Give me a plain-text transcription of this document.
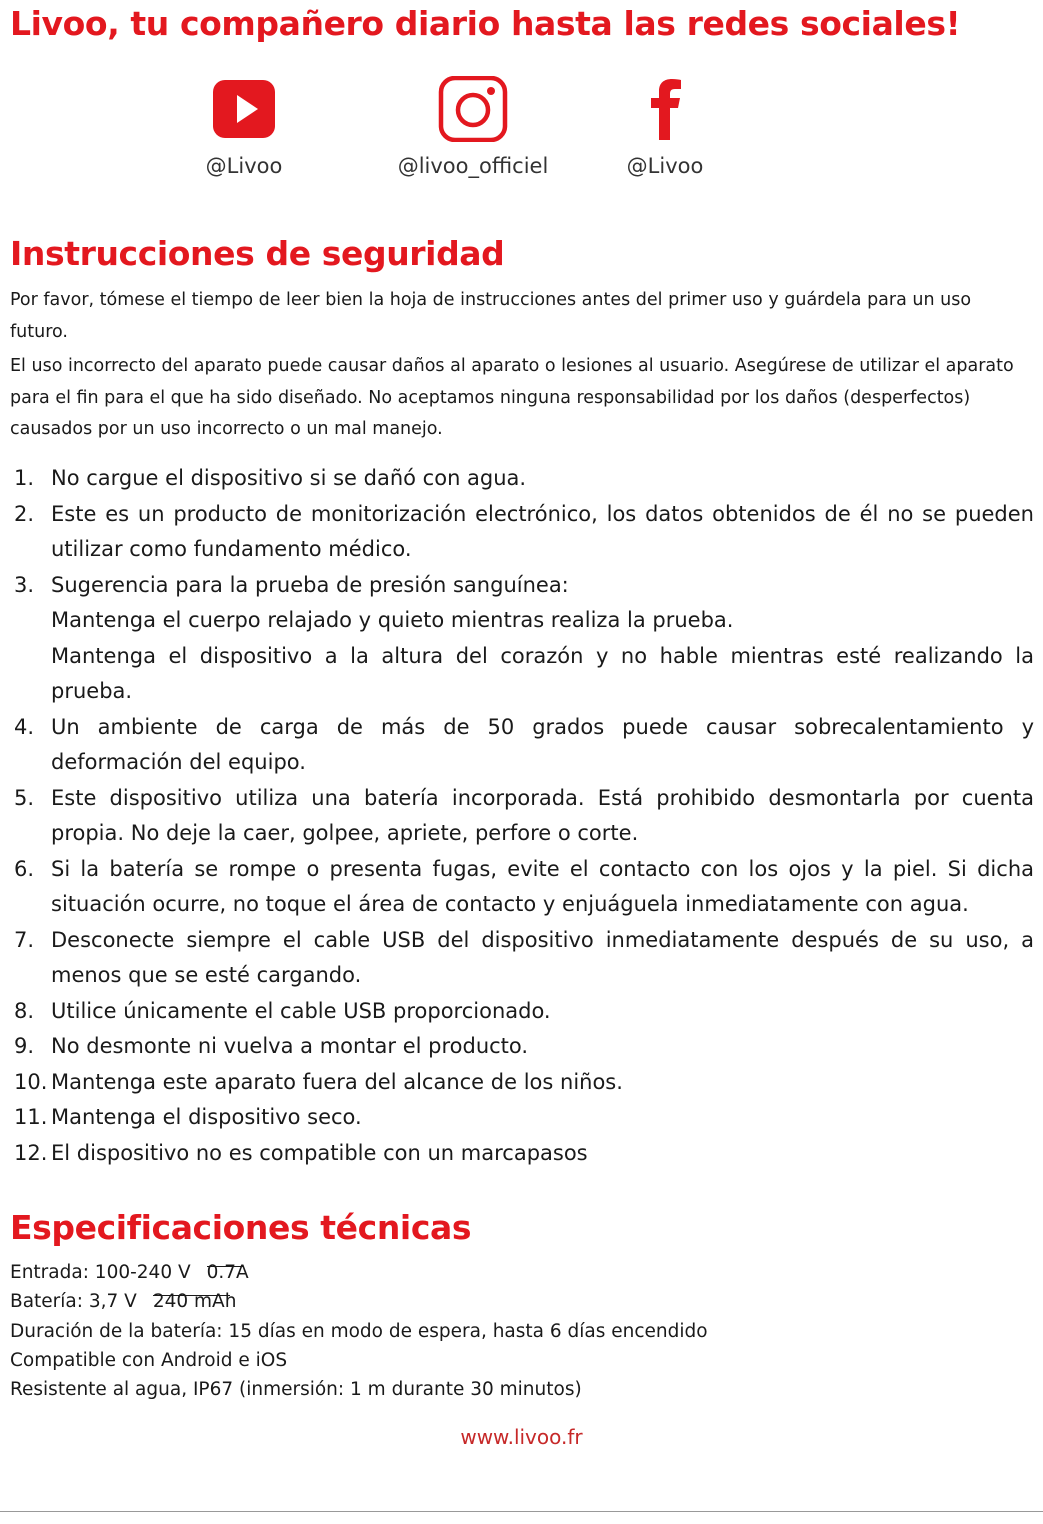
Livoo, tu compañero diario hasta las redes sociales!
@Livoo	@livoo_officiel	@Livoo
Instrucciones de seguridad

Por favor, tómese el tiempo de leer bien la hoja de instrucciones antes del primer uso y guárdela para un uso futuro.

El uso incorrecto del aparato puede causar daños al aparato o lesiones al usuario. Asegúrese de utilizar el aparato para el fin para el que ha sido diseñado. No aceptamos ninguna responsabilidad por los daños (desperfectos) causados por un uso incorrecto o un mal manejo.

1. No cargue el dispositivo si se dañó con agua.
2. Este es un producto de monitorización electrónico, los datos obtenidos de él no se pueden utilizar como fundamento médico.
3. Sugerencia para la prueba de presión sanguínea:
Mantenga el cuerpo relajado y quieto mientras realiza la prueba.
Mantenga el dispositivo a la altura del corazón y no hable mientras esté realizando la prueba.
4. Un ambiente de carga de más de 50 grados puede causar sobrecalentamiento y deformación del equipo.
5. Este dispositivo utiliza una batería incorporada. Está prohibido desmontarla por cuenta propia. No deje la caer, golpee, apriete, perfore o corte.
6. Si la batería se rompe o presenta fugas, evite el contacto con los ojos y la piel. Si dicha situación ocurre, no toque el área de contacto y enjuáguela inmediatamente con agua.
7. Desconecte siempre el cable USB del dispositivo inmediatamente después de su uso, a menos que se esté cargando.
8. Utilice únicamente el cable USB proporcionado.
9. No desmonte ni vuelva a montar el producto.
10. Mantenga este aparato fuera del alcance de los niños.
11. Mantenga el dispositivo seco.
12. El dispositivo no es compatible con un marcapasos
Especificaciones técnicas
Entrada: 100-240 V 0.7A
Batería: 3,7 V 240 mAh
Duración de la batería: 15 días en modo de espera, hasta 6 días encendido
Compatible con Android e iOS
Resistente al agua, IP67 (inmersión: 1 m durante 30 minutos)
www.livoo.fr
